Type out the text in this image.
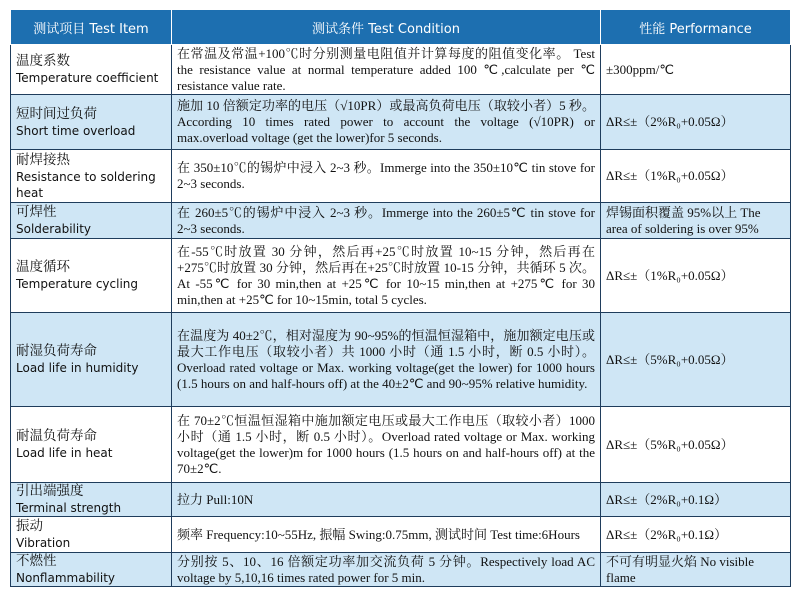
测试项目 Test Item	测试条件 Test Condition	性能 Performance

温度系数
Temperature coefficient	在常温及常温+100℃时分别测量电阻值并计算每度的阻值变化率。 Test the resistance value at normal temperature added 100 ℃,calculate per ℃ resistance value rate.	±300ppm/℃

短时间过负荷
Short time overload	施加 10 倍额定功率的电压（√10PR）或最高负荷电压（取较小者）5 秒。According 10 times rated power to account the voltage (√10PR) or max.overload voltage (get the lower)for 5 seconds.	ΔR≤±（2%R₀+0.05Ω）

耐焊接热
Resistance to soldering heat	在 350±10℃的锡炉中浸入 2~3 秒。Immerge into the 350±10℃ tin stove for 2~3 seconds.	ΔR≤±（1%R₀+0.05Ω）

可焊性
Solderability	在 260±5℃的锡炉中浸入 2~3 秒。Immerge into the 260±5℃ tin stove for 2~3 seconds.	焊锡面积覆盖 95%以上 The area of soldering is over 95%

温度循环
Temperature cycling	在-55℃时放置 30 分钟，然后再+25℃时放置 10~15 分钟，然后再在+275℃时放置 30 分钟，然后再在+25℃时放置 10-15 分钟，共循环 5 次。At -55℃ for 30 min,then at +25℃ for 10~15 min,then at +275℃ for 30 min,then at +25℃ for 10~15min, total 5 cycles.	ΔR≤±（1%R₀+0.05Ω）

耐湿负荷寿命
Load life in humidity	在温度为 40±2℃，相对湿度为 90~95%的恒温恒湿箱中，施加额定电压或最大工作电压（取较小者）共 1000 小时（通 1.5 小时，断 0.5 小时）。Overload rated voltage or Max. working voltage(get the lower) for 1000 hours (1.5 hours on and half-hours off) at the 40±2℃ and 90~95% relative humidity.	ΔR≤±（5%R₀+0.05Ω）

耐温负荷寿命
Load life in heat	在 70±2℃恒温恒湿箱中施加额定电压或最大工作电压（取较小者）1000 小时（通 1.5 小时，断 0.5 小时）。Overload rated voltage or Max. working voltage(get the lower)m for 1000 hours (1.5 hours on and half-hours off) at the 70±2℃.	ΔR≤±（5%R₀+0.05Ω）

引出端强度
Terminal strength	拉力 Pull:10N	ΔR≤±（2%R₀+0.1Ω）

振动
Vibration	频率 Frequency:10~55Hz, 振幅 Swing:0.75mm, 测试时间 Test time:6Hours	ΔR≤±（2%R₀+0.1Ω）

不燃性
Nonflammability	分别按 5、10、16 倍额定功率加交流负荷 5 分钟。Respectively load AC voltage by 5,10,16 times rated power for 5 min.	不可有明显火焰 No visible flame
